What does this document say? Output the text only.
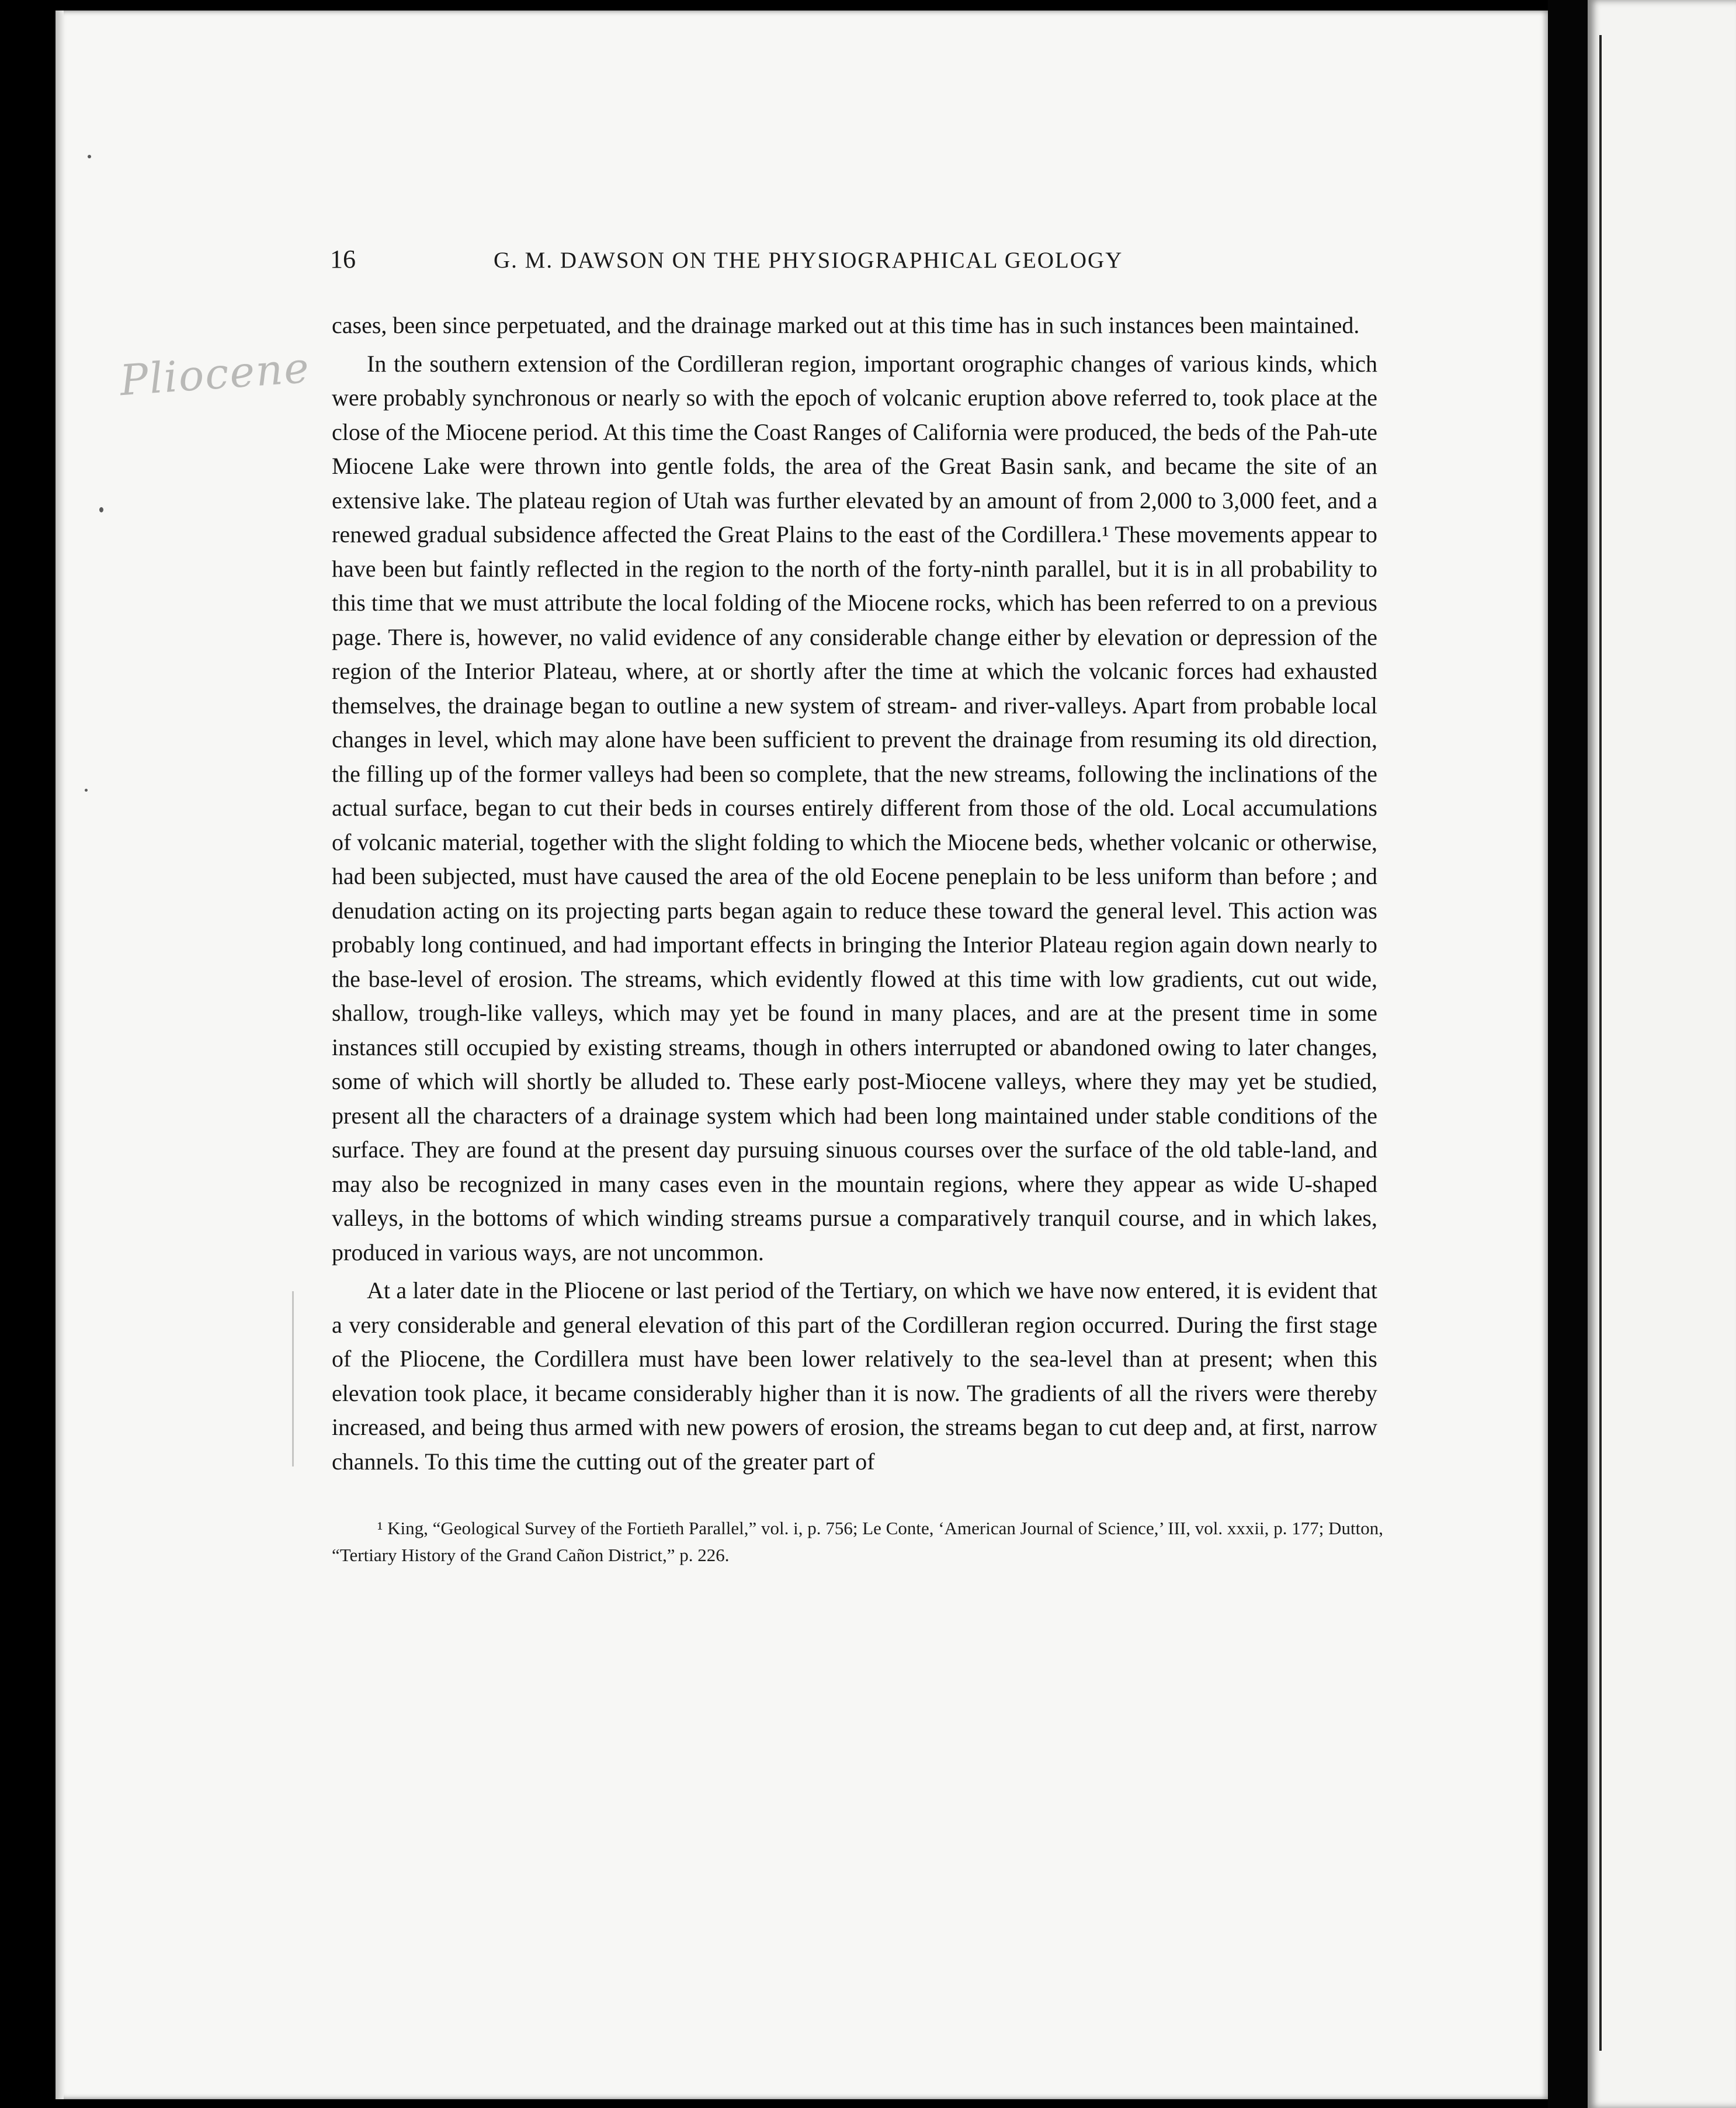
Pliocene
16	G. M. DAWSON ON THE PHYSIOGRAPHICAL GEOLOGY

cases, been since perpetuated, and the drainage marked out at this time has in such instances been maintained.

In the southern extension of the Cordilleran region, important orographic changes of various kinds, which were probably synchronous or nearly so with the epoch of volcanic eruption above referred to, took place at the close of the Miocene period. At this time the Coast Ranges of California were produced, the beds of the Pah-ute Miocene Lake were thrown into gentle folds, the area of the Great Basin sank, and became the site of an extensive lake. The plateau region of Utah was further elevated by an amount of from 2,000 to 3,000 feet, and a renewed gradual subsidence affected the Great Plains to the east of the Cordillera.¹ These movements appear to have been but faintly reflected in the region to the north of the forty-ninth parallel, but it is in all probability to this time that we must attribute the local folding of the Miocene rocks, which has been referred to on a previous page. There is, however, no valid evidence of any considerable change either by elevation or depression of the region of the Interior Plateau, where, at or shortly after the time at which the volcanic forces had exhausted themselves, the drainage began to outline a new system of stream- and river-valleys. Apart from probable local changes in level, which may alone have been sufficient to prevent the drainage from resuming its old direction, the filling up of the former valleys had been so complete, that the new streams, following the inclinations of the actual surface, began to cut their beds in courses entirely different from those of the old. Local accumulations of volcanic material, together with the slight folding to which the Miocene beds, whether volcanic or otherwise, had been subjected, must have caused the area of the old Eocene peneplain to be less uniform than before ; and denudation acting on its projecting parts began again to reduce these toward the general level. This action was probably long continued, and had important effects in bringing the Interior Plateau region again down nearly to the base-level of erosion. The streams, which evidently flowed at this time with low gradients, cut out wide, shallow, trough-like valleys, which may yet be found in many places, and are at the present time in some instances still occupied by existing streams, though in others interrupted or abandoned owing to later changes, some of which will shortly be alluded to. These early post-Miocene valleys, where they may yet be studied, present all the characters of a drainage system which had been long maintained under stable conditions of the surface. They are found at the present day pursuing sinuous courses over the surface of the old table-land, and may also be recognized in many cases even in the mountain regions, where they appear as wide U-shaped valleys, in the bottoms of which winding streams pursue a comparatively tranquil course, and in which lakes, produced in various ways, are not uncommon.

At a later date in the Pliocene or last period of the Tertiary, on which we have now entered, it is evident that a very considerable and general elevation of this part of the Cordilleran region occurred. During the first stage of the Pliocene, the Cordillera must have been lower relatively to the sea-level than at present; when this elevation took place, it became considerably higher than it is now. The gradients of all the rivers were thereby increased, and being thus armed with new powers of erosion, the streams began to cut deep and, at first, narrow channels. To this time the cutting out of the greater part of

¹ King, “Geological Survey of the Fortieth Parallel,” vol. i, p. 756; Le Conte, ‘American Journal of Science,’ III, vol. xxxii, p. 177; Dutton, “Tertiary History of the Grand Cañon District,” p. 226.
